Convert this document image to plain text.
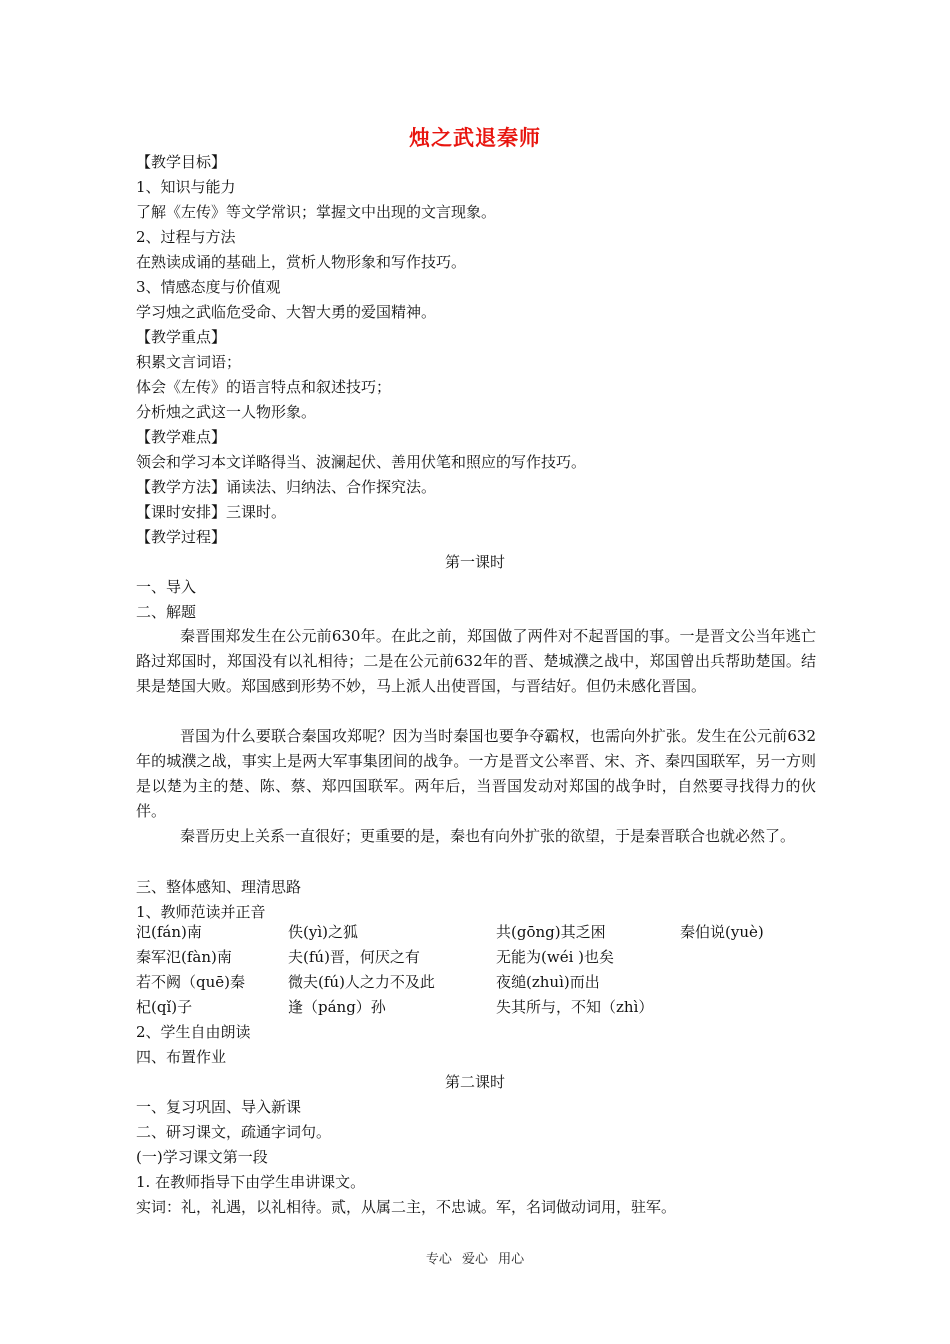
烛之武退秦师
【教学目标】
1、知识与能力
了解《左传》等文学常识；掌握文中出现的文言现象。
2、过程与方法
在熟读成诵的基础上，赏析人物形象和写作技巧。
3、情感态度与价值观
学习烛之武临危受命、大智大勇的爱国精神。
【教学重点】
积累文言词语；
体会《左传》的语言特点和叙述技巧；
分析烛之武这一人物形象。
【教学难点】
领会和学习本文详略得当、波澜起伏、善用伏笔和照应的写作技巧。
【教学方法】诵读法、归纳法、合作探究法。
【课时安排】三课时。
【教学过程】
第一课时
一、导入
二、解题
秦晋围郑发生在公元前630年。在此之前，郑国做了两件对不起晋国的事。一是晋文公当年逃亡路过郑国时，郑国没有以礼相待；二是在公元前632年的晋、楚城濮之战中，郑国曾出兵帮助楚国。结果是楚国大败。郑国感到形势不妙，马上派人出使晋国，与晋结好。但仍未感化晋国。
晋国为什么要联合秦国攻郑呢？因为当时秦国也要争夺霸权，也需向外扩张。发生在公元前632年的城濮之战，事实上是两大军事集团间的战争。一方是晋文公率晋、宋、齐、秦四国联军，另一方则是以楚为主的楚、陈、蔡、郑四国联军。两年后，当晋国发动对郑国的战争时，自然要寻找得力的伙伴。
秦晋历史上关系一直很好；更重要的是，秦也有向外扩张的欲望，于是秦晋联合也就必然了。
三、整体感知、理清思路
1、教师范读并正音
氾(fán)南	佚(yì)之狐	共(gōng)其乏困	秦伯说(yuè)
秦军氾(fàn)南	夫(fú)晋，何厌之有	无能为(wéi )也矣
若不阙（quē)秦	微夫(fú)人之力不及此	夜缒(zhuì)而出
杞(qǐ)子	逢（páng）孙	失其所与，不知（zhì）
2、学生自由朗读
四、布置作业
第二课时
一、复习巩固、导入新课
二、研习课文，疏通字词句。
(一)学习课文第一段
1. 在教师指导下由学生串讲课文。
实词：礼，礼遇，以礼相待。贰，从属二主，不忠诚。军，名词做动词用，驻军。
专心 爱心 用心
